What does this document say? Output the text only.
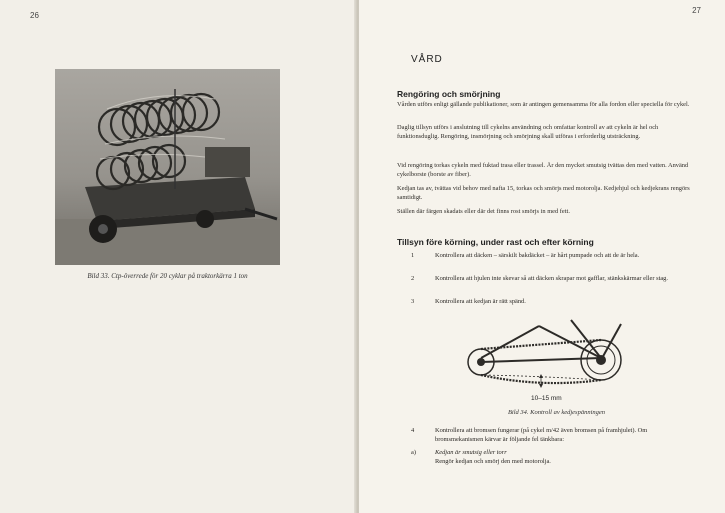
26
Bild 33. Ctp-överrede för 20 cyklar på traktorkärra 1 ton
27
VÅRD
Rengöring och smörjning
Vården utförs enligt gällande publikationer, som är antingen gemensamma för alla fordon eller speciella för cykel.
Daglig tillsyn utförs i anslutning till cykelns användning och omfattar kontroll av att cykeln är hel och funktionsduglig. Rengöring, insmörjning och smörjning skall utföras i erforderlig utsträckning.
Vid rengöring torkas cykeln med fuktad trasa eller trassel. Är den mycket smutsig tvättas den med vatten. Använd cykelborste (borste av fiber).
Kedjan tas av, tvättas vid behov med nafta 15, torkas och smörjs med motorolja. Kedjehjul och kedjekrans rengörs samtidigt.
Ställen där färgen skadats eller där det finns rost smörjs in med fett.
Tillsyn före körning, under rast och efter körning
1	Kontrollera att däcken – särskilt bakdäcket – är hårt pumpade och att de är hela.
2	Kontrollera att hjulen inte skevar så att däcken skrapar mot gafflar, stänkskärmar eller stag.
3	Kontrollera att kedjan är rätt spänd.
4	Kontrollera att bromsen fungerar (på cykel m/42 även bromsen på framhjulet). Om bromsmekanismen kärvar är följande fel tänkbara:
a)	Kedjan är smutsig eller torr
Rengör kedjan och smörj den med motorolja.
10–15 mm
Bild 34. Kontroll av kedjespänningen
